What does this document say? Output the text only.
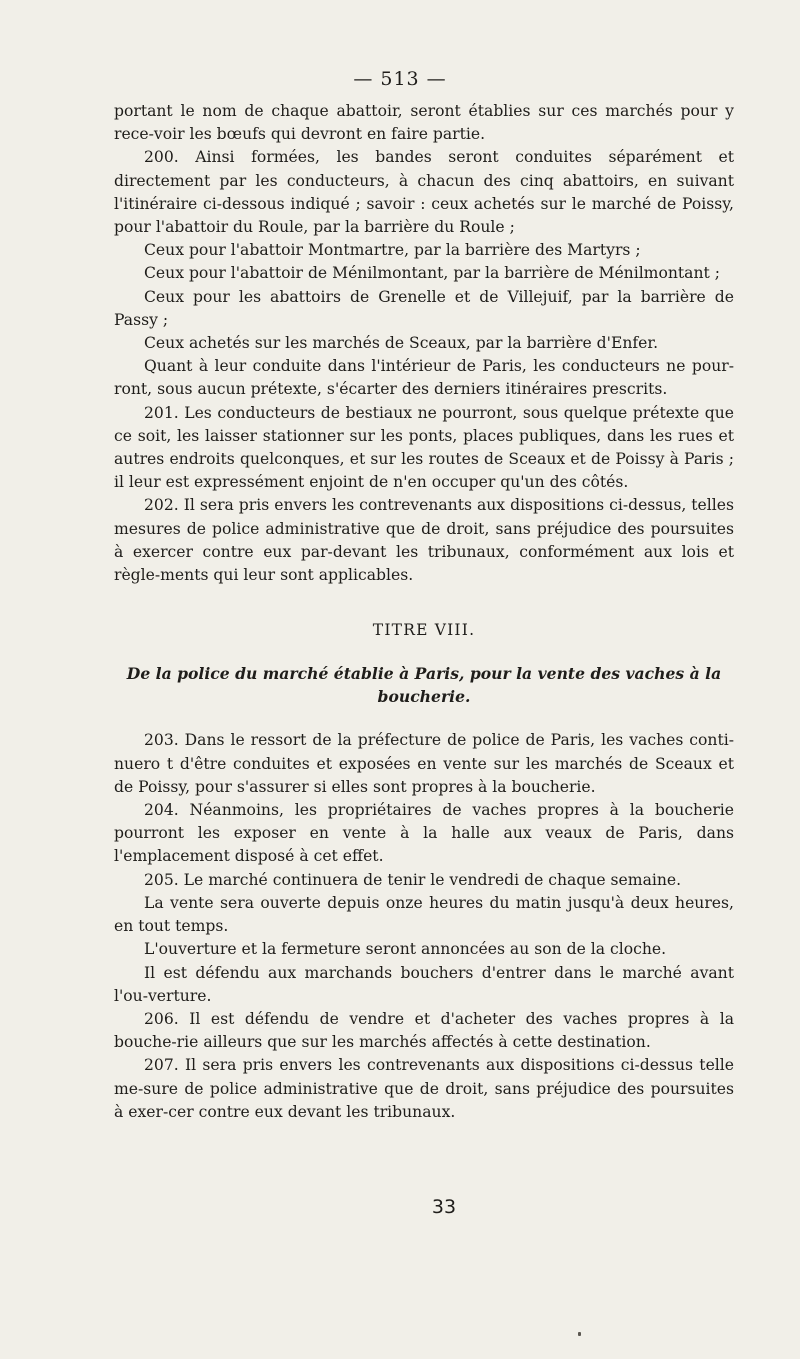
— 513 —

portant le nom de chaque abattoir, seront établies sur ces marchés pour y rece-voir les bœufs qui devront en faire partie.

200. Ainsi formées, les bandes seront conduites séparément et directement par les conducteurs, à chacun des cinq abattoirs, en suivant l'itinéraire ci-dessous indiqué ; savoir : ceux achetés sur le marché de Poissy, pour l'abattoir du Roule, par la barrière du Roule ;

Ceux pour l'abattoir Montmartre, par la barrière des Martyrs ;

Ceux pour l'abattoir de Ménilmontant, par la barrière de Ménilmontant ;

Ceux pour les abattoirs de Grenelle et de Villejuif, par la barrière de Passy ;

Ceux achetés sur les marchés de Sceaux, par la barrière d'Enfer.

Quant à leur conduite dans l'intérieur de Paris, les conducteurs ne pour-ront, sous aucun prétexte, s'écarter des derniers itinéraires prescrits.

201. Les conducteurs de bestiaux ne pourront, sous quelque prétexte que ce soit, les laisser stationner sur les ponts, places publiques, dans les rues et autres endroits quelconques, et sur les routes de Sceaux et de Poissy à Paris ; il leur est expressément enjoint de n'en occuper qu'un des côtés.

202. Il sera pris envers les contrevenants aux dispositions ci-dessus, telles mesures de police administrative que de droit, sans préjudice des poursuites à exercer contre eux par-devant les tribunaux, conformément aux lois et règle-ments qui leur sont applicables.

TITRE VIII.
De la police du marché établie à Paris, pour la vente des vaches à la boucherie.

203. Dans le ressort de la préfecture de police de Paris, les vaches conti-nuero t d'être conduites et exposées en vente sur les marchés de Sceaux et de Poissy, pour s'assurer si elles sont propres à la boucherie.

204. Néanmoins, les propriétaires de vaches propres à la boucherie pourront les exposer en vente à la halle aux veaux de Paris, dans l'emplacement disposé à cet effet.

205. Le marché continuera de tenir le vendredi de chaque semaine.

La vente sera ouverte depuis onze heures du matin jusqu'à deux heures, en tout temps.

L'ouverture et la fermeture seront annoncées au son de la cloche.

Il est défendu aux marchands bouchers d'entrer dans le marché avant l'ou-verture.

206. Il est défendu de vendre et d'acheter des vaches propres à la bouche-rie ailleurs que sur les marchés affectés à cette destination.

207. Il sera pris envers les contrevenants aux dispositions ci-dessus telle me-sure de police administrative que de droit, sans préjudice des poursuites à exer-cer contre eux devant les tribunaux.

33
